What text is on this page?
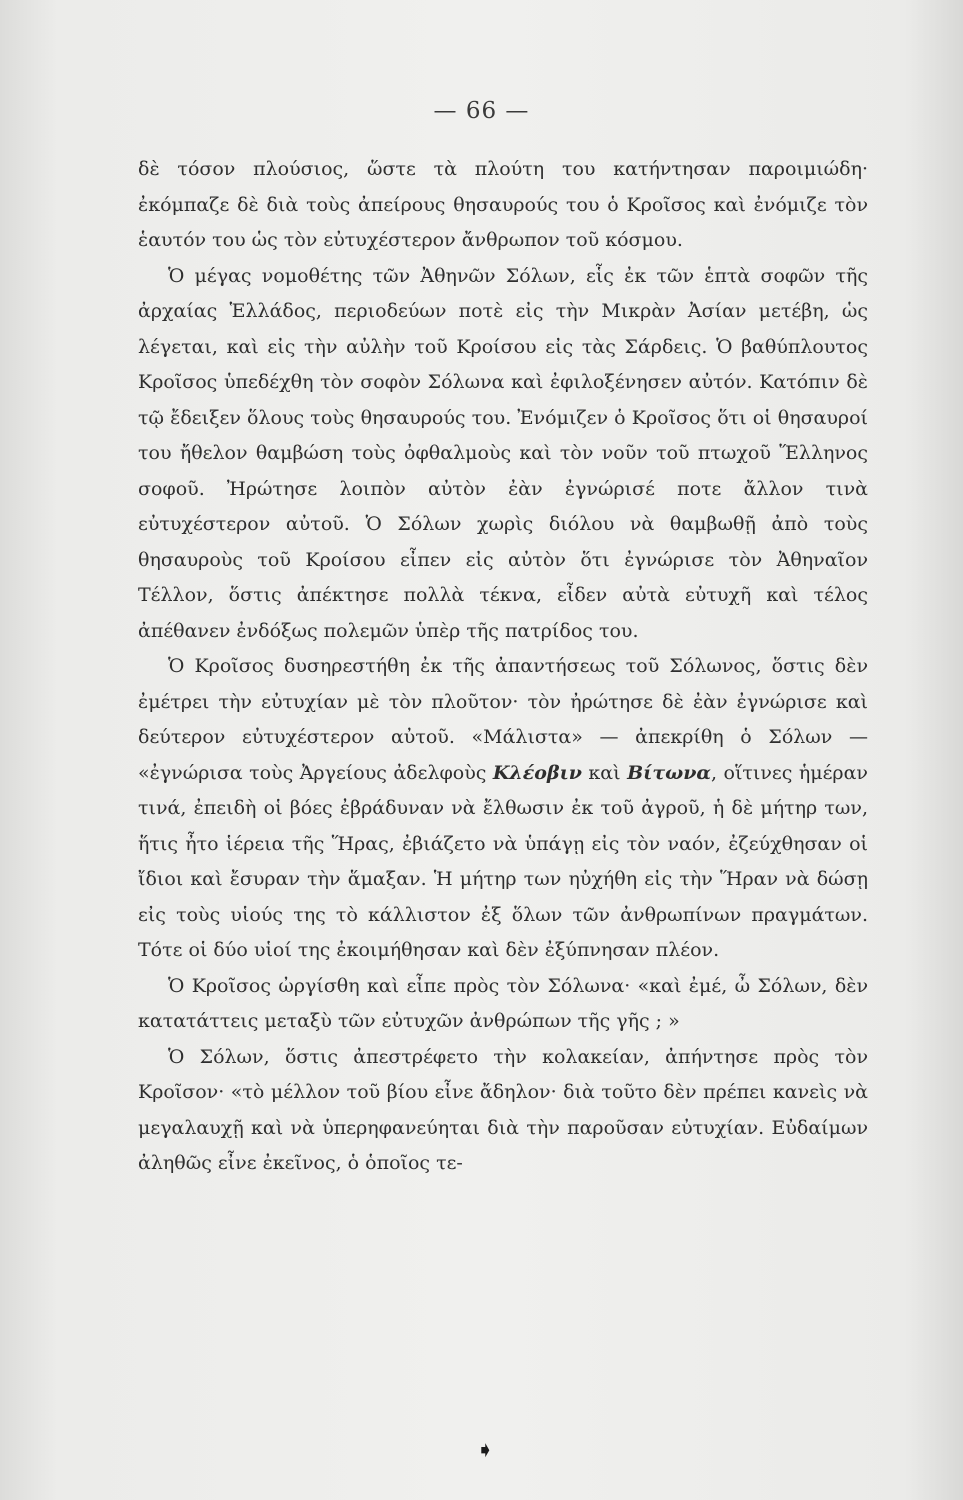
— 66 —

δὲ τόσον πλούσιος, ὥστε τὰ πλούτη του κατήντησαν παροιμιώδη· ἐκόμπαζε δὲ διὰ τοὺς ἀπείρους θησαυρούς του ὁ Κροῖσος καὶ ἐνόμιζε τὸν ἑαυτόν του ὡς τὸν εὐτυχέστερον ἄνθρωπον τοῦ κόσμου.

Ὁ μέγας νομοθέτης τῶν Ἀθηνῶν Σόλων, εἷς ἐκ τῶν ἑπτὰ σοφῶν τῆς ἀρχαίας Ἑλλάδος, περιοδεύων ποτὲ εἰς τὴν Μικρὰν Ἀσίαν μετέβη, ὡς λέγεται, καὶ εἰς τὴν αὐλὴν τοῦ Κροίσου εἰς τὰς Σάρδεις. Ὁ βαθύπλουτος Κροῖσος ὑπεδέχθη τὸν σοφὸν Σόλωνα καὶ ἐφιλοξένησεν αὐτόν. Κατόπιν δὲ τῷ ἔδειξεν ὅλους τοὺς θησαυρούς του. Ἐνόμιζεν ὁ Κροῖσος ὅτι οἱ θησαυροί του ἤθελον θαμβώση τοὺς ὀφθαλμοὺς καὶ τὸν νοῦν τοῦ πτωχοῦ Ἕλληνος σοφοῦ. Ἠρώτησε λοιπὸν αὐτὸν ἐὰν ἐγνώρισέ ποτε ἄλλον τινὰ εὐτυχέστερον αὐτοῦ. Ὁ Σόλων χωρὶς διόλου νὰ θαμβωθῇ ἀπὸ τοὺς θησαυροὺς τοῦ Κροίσου εἶπεν εἰς αὐτὸν ὅτι ἐγνώρισε τὸν Ἀθηναῖον Τέλλον, ὅστις ἀπέκτησε πολλὰ τέκνα, εἶδεν αὐτὰ εὐτυχῆ καὶ τέλος ἀπέθανεν ἐνδόξως πολεμῶν ὑπὲρ τῆς πατρίδος του.

Ὁ Κροῖσος δυσηρεστήθη ἐκ τῆς ἀπαντήσεως τοῦ Σόλωνος, ὅστις δὲν ἐμέτρει τὴν εὐτυχίαν μὲ τὸν πλοῦτον· τὸν ἠρώτησε δὲ ἐὰν ἐγνώρισε καὶ δεύτερον εὐτυχέστερον αὐτοῦ. «Μάλιστα» — ἀπεκρίθη ὁ Σόλων — «ἐγνώρισα τοὺς Ἀργείους ἀδελφοὺς Κλέοβιν καὶ Βίτωνα, οἵτινες ἡμέραν τινά, ἐπειδὴ οἱ βόες ἐβράδυναν νὰ ἔλθωσιν ἐκ τοῦ ἀγροῦ, ἡ δὲ μήτηρ των, ἥτις ἦτο ἱέρεια τῆς Ἥρας, ἐβιάζετο νὰ ὑπάγῃ εἰς τὸν ναόν, ἐζεύχθησαν οἱ ἴδιοι καὶ ἔσυραν τὴν ἅμαξαν. Ἡ μήτηρ των ηὐχήθη εἰς τὴν Ἥραν νὰ δώσῃ εἰς τοὺς υἱούς της τὸ κάλλιστον ἐξ ὅλων τῶν ἀνθρωπίνων πραγμάτων. Τότε οἱ δύο υἱοί της ἐκοιμήθησαν καὶ δὲν ἐξύπνησαν πλέον.

Ὁ Κροῖσος ὠργίσθη καὶ εἶπε πρὸς τὸν Σόλωνα· «καὶ ἐμέ, ὦ Σόλων, δὲν κατατάττεις μεταξὺ τῶν εὐτυχῶν ἀνθρώπων τῆς γῆς ; »

Ὁ Σόλων, ὅστις ἀπεστρέφετο τὴν κολακείαν, ἀπήντησε πρὸς τὸν Κροῖσον· «τὸ μέλλον τοῦ βίου εἶνε ἄδηλον· διὰ τοῦτο δὲν πρέπει κανεὶς νὰ μεγαλαυχῇ καὶ νὰ ὑπερηφανεύηται διὰ τὴν παροῦσαν εὐτυχίαν. Εὐδαίμων ἀληθῶς εἶνε ἐκεῖνος, ὁ ὁποῖος τε-

➧
